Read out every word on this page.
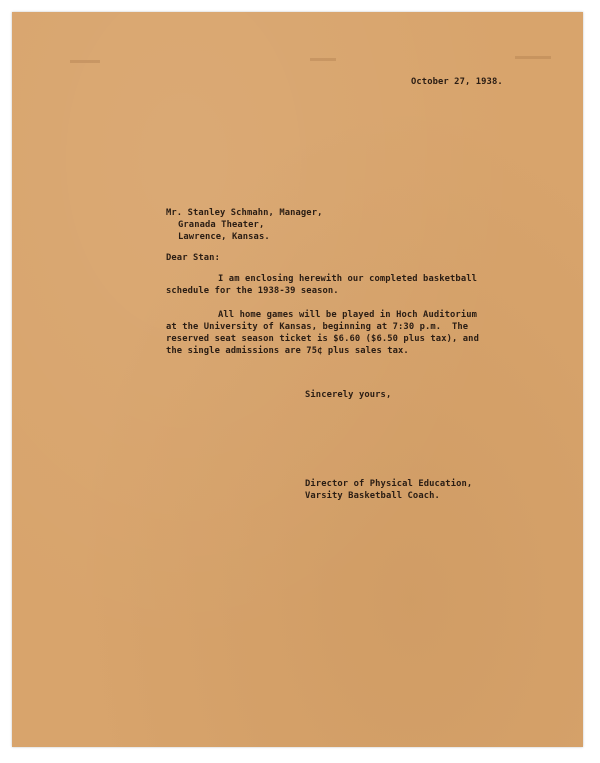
October 27, 1938.
Mr. Stanley Schmahn, Manager,
Granada Theater,
Lawrence, Kansas.
Dear Stan:
I am enclosing herewith our completed basketball
schedule for the 1938-39 season.
All home games will be played in Hoch Auditorium
at the University of Kansas, beginning at 7:30 p.m.  The
reserved seat season ticket is $6.60 ($6.50 plus tax), and
the single admissions are 75¢ plus sales tax.
Sincerely yours,
Director of Physical Education,
Varsity Basketball Coach.
